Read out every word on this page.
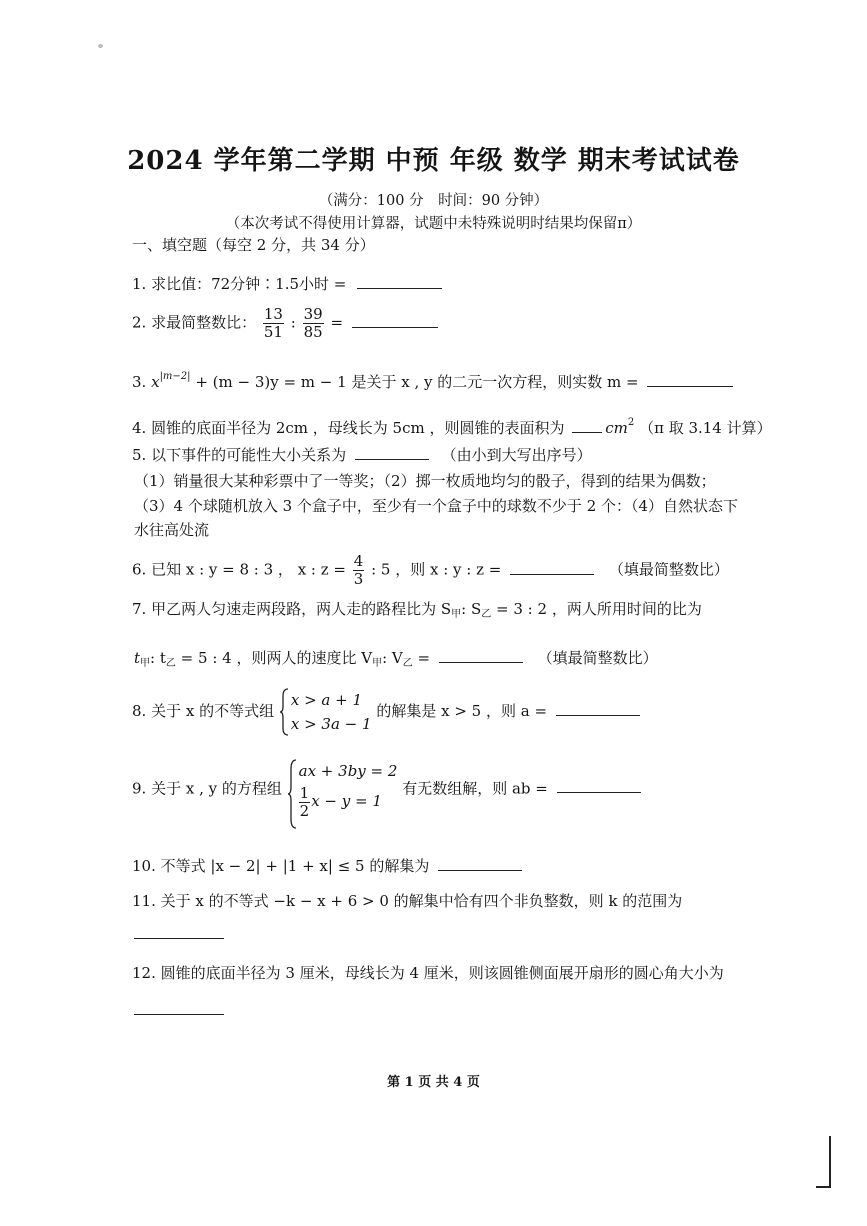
2024 学年第二学期 中预 年级 数学 期末考试试卷
（满分：100 分　时间：90 分钟）
（本次考试不得使用计算器，试题中未特殊说明时结果均保留π）
一、填空题（每空 2 分，共 34 分）
1. 求比值：72分钟∶1.5小时 =
2. 求最简整数比： $\frac{13}{51}$ : $\frac{39}{85}$ =
3. $x^{|m-2|} + (m - 3)y = m - 1$ 是关于 x , y 的二元一次方程，则实数 m =
4. 圆锥的底面半径为 2cm ，母线长为 5cm ，则圆锥的表面积为	$cm^2$ （π 取 3.14 计算）
5. 以下事件的可能性大小关系为	（由小到大写出序号）
（1）销量很大某种彩票中了一等奖；（2）掷一枚质地均匀的骰子，得到的结果为偶数；
（3）4 个球随机放入 3 个盒子中，至少有一个盒子中的球数不少于 2 个：（4）自然状态下
水往高处流
6. 已知 x : y = 8 : 3 ， x : $z = \frac{4}{3}$ : 5 ，则 x : y : z =	（填最简整数比）
7. 甲乙两人匀速走两段路，两人走的路程比为 $S_甲$: $S_乙 = 3$ : 2 ，两人所用时间的比为
$t_甲$: $t_乙 = 5$ : 4 ，则两人的速度比 $V_甲$: $V_乙$ =	（填最简整数比）
8. 关于 x 的不等式组
x > a + 1
x > 3a − 1
的解集是 x > 5 ，则 a =
9. 关于 x , y 的方程组
ax + 3by = 2
$\frac{1}{2}$ x − y = 1
有无数组解，则 ab =
10. 不等式 |x − 2| + |1 + x| ≤ 5 的解集为
11. 关于 x 的不等式 −k − x + 6 > 0 的解集中恰有四个非负整数，则 k 的范围为
12. 圆锥的底面半径为 3 厘米，母线长为 4 厘米，则该圆锥侧面展开扇形的圆心角大小为
第 1 页 共 4 页
